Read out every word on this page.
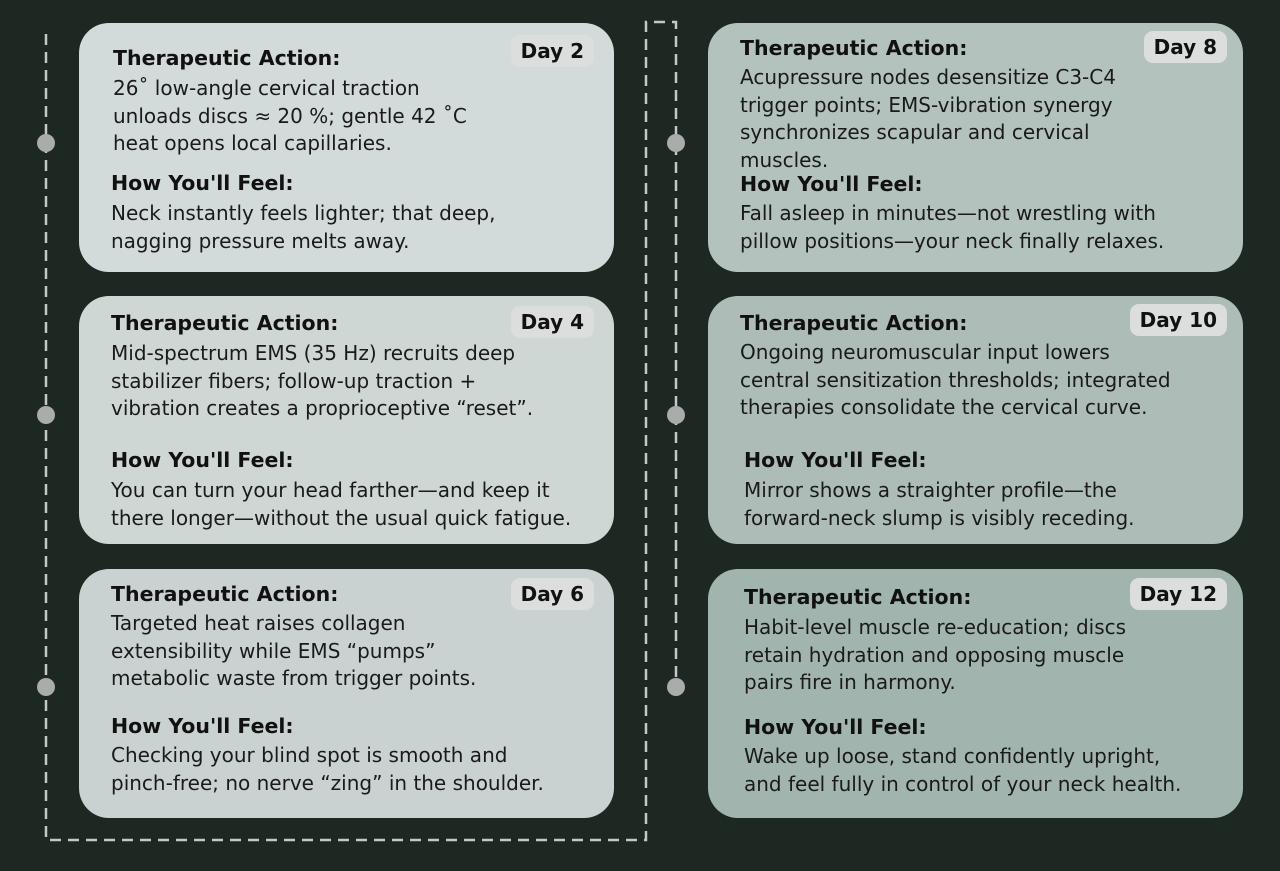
Day 2
Therapeutic Action:
26˚ low-angle cervical traction
unloads discs ≈ 20 %; gentle 42 ˚C
heat opens local capillaries.
How You'll Feel:
Neck instantly feels lighter; that deep,
nagging pressure melts away.
Day 4
Therapeutic Action:
Mid-spectrum EMS (35 Hz) recruits deep
stabilizer fibers; follow-up traction +
vibration creates a proprioceptive “reset”.
How You'll Feel:
You can turn your head farther—and keep it
there longer—without the usual quick fatigue.
Day 6
Therapeutic Action:
Targeted heat raises collagen
extensibility while EMS “pumps”
metabolic waste from trigger points.
How You'll Feel:
Checking your blind spot is smooth and
pinch-free; no nerve “zing” in the shoulder.
Day 8
Therapeutic Action:
Acupressure nodes desensitize C3-C4
trigger points; EMS-vibration synergy
synchronizes scapular and cervical
muscles.
How You'll Feel:
Fall asleep in minutes—not wrestling with
pillow positions—your neck finally relaxes.
Day 10
Therapeutic Action:
Ongoing neuromuscular input lowers
central sensitization thresholds; integrated
therapies consolidate the cervical curve.
How You'll Feel:
Mirror shows a straighter profile—the
forward-neck slump is visibly receding.
Day 12
Therapeutic Action:
Habit-level muscle re-education; discs
retain hydration and opposing muscle
pairs fire in harmony.
How You'll Feel:
Wake up loose, stand confidently upright,
and feel fully in control of your neck health.
